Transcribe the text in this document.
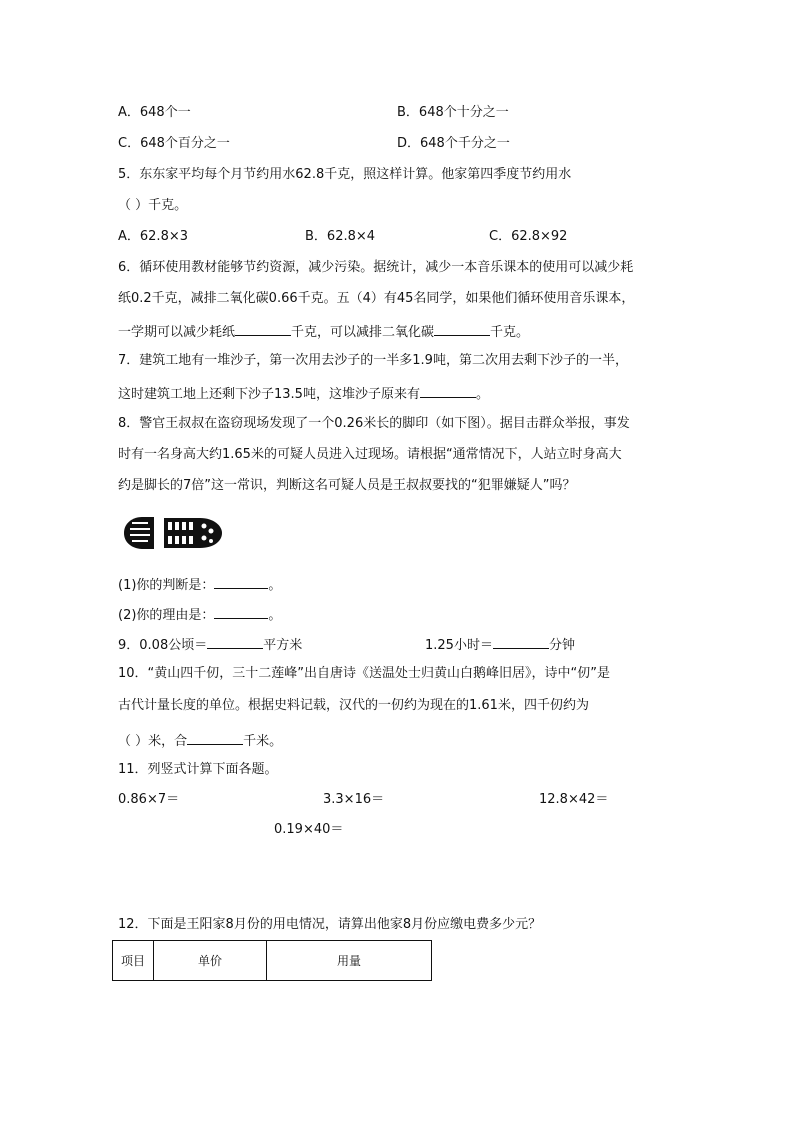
A．648个一	B．648个十分之一
C．648个百分之一	D．648个千分之一
5．东东家平均每个月节约用水62.8千克，照这样计算。他家第四季度节约用水
（ ）千克。
A．62.8×3	B．62.8×4	C．62.8×92
6．循环使用教材能够节约资源，减少污染。据统计，减少一本音乐课本的使用可以减少耗
纸0.2千克，减排二氧化碳0.66千克。五（4）有45名同学，如果他们循环使用音乐课本，
一学期可以减少耗纸	千克，可以减排二氧化碳	千克。
7．建筑工地有一堆沙子，第一次用去沙子的一半多1.9吨，第二次用去剩下沙子的一半，
这时建筑工地上还剩下沙子13.5吨，这堆沙子原来有	。
8．警官王叔叔在盗窃现场发现了一个0.26米长的脚印（如下图）。据目击群众举报，事发
时有一名身高大约1.65米的可疑人员进入过现场。请根据“通常情况下，人站立时身高大
约是脚长的7倍”这一常识，判断这名可疑人员是王叔叔要找的“犯罪嫌疑人”吗？
(1)你的判断是：	。
(2)你的理由是：	。
9．0.08公顷＝	平方米	1.25小时＝	分钟
10．“黄山四千仞，三十二莲峰”出自唐诗《送温处士归黄山白鹅峰旧居》，诗中“仞”是
古代计量长度的单位。根据史料记载，汉代的一仞约为现在的1.61米，四千仞约为
（ ）米，合	千米。
11．列竖式计算下面各题。
0.86×7＝	3.3×16＝	12.8×42＝
0.19×40＝
12．下面是王阳家8月份的用电情况，请算出他家8月份应缴电费多少元？
项目	单价	用量
